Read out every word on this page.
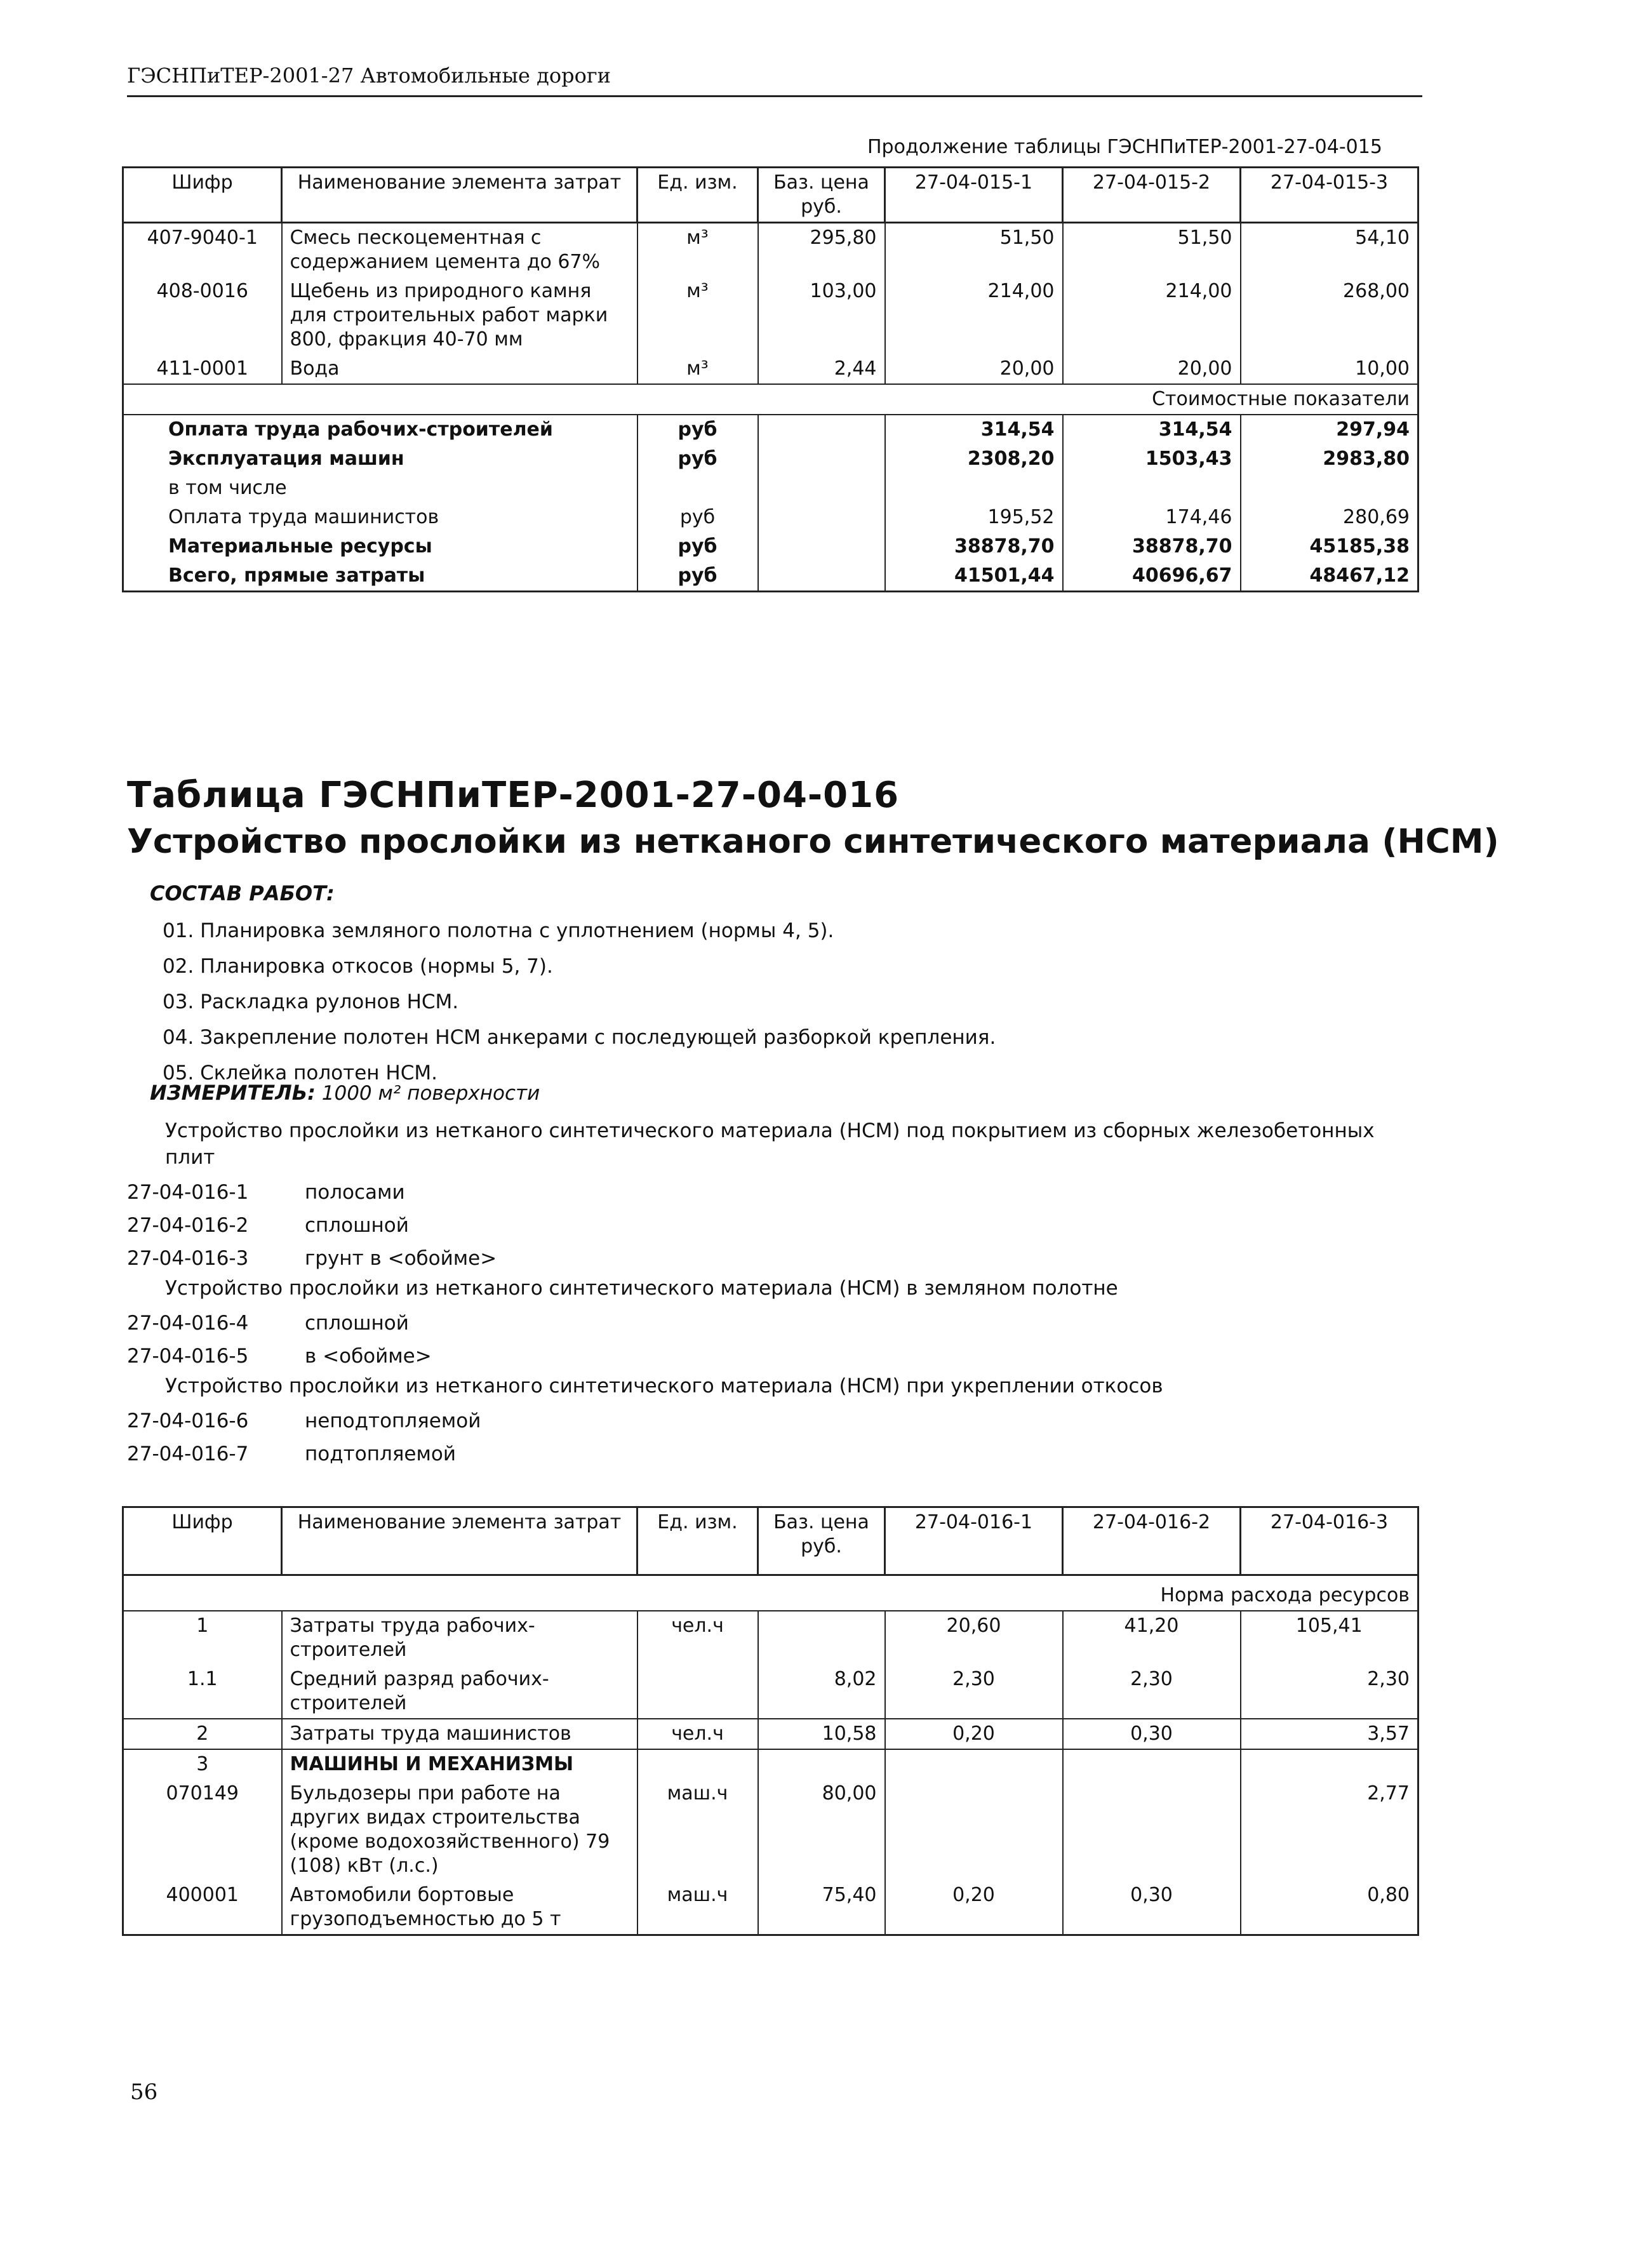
ГЭСНПиТЕР-2001-27 Автомобильные дороги
Продолжение таблицы ГЭСНПиТЕР-2001-27-04-015
Шифр	Наименование элемента затрат	Ед. изм.	Баз. цена руб.	27-04-015-1	27-04-015-2	27-04-015-3
407-9040-1	Смесь пескоцементная с содержанием цемента до 67%	м³	295,80	51,50	51,50	54,10
408-0016	Щебень из природного камня для строительных работ марки 800, фракция 40-70 мм	м³	103,00	214,00	214,00	268,00
411-0001	Вода	м³	2,44	20,00	20,00	10,00
Стоимостные показатели						
Оплата труда рабочих-строителей		руб		314,54	314,54	297,94
Эксплуатация машин		руб		2308,20	1503,43	2983,80
в том числе						
Оплата труда машинистов		руб		195,52	174,46	280,69
Материальные ресурсы		руб		38878,70	38878,70	45185,38
Всего, прямые затраты		руб		41501,44	40696,67	48467,12
Таблица ГЭСНПиТЕР-2001-27-04-016
Устройство прослойки из нетканого синтетического материала (НСМ)
СОСТАВ РАБОТ:
01. Планировка земляного полотна с уплотнением (нормы 4, 5).
02. Планировка откосов (нормы 5, 7).
03. Раскладка рулонов НСМ.
04. Закрепление полотен НСМ анкерами с последующей разборкой крепления.
05. Склейка полотен НСМ.
ИЗМЕРИТЕЛЬ: 1000 м² поверхности
Устройство прослойки из нетканого синтетического материала (НСМ) под покрытием из сборных железобетонных плит
27-04-016-1	полосами
27-04-016-2	сплошной
27-04-016-3	грунт в <обойме>
Устройство прослойки из нетканого синтетического материала (НСМ) в земляном полотне
27-04-016-4	сплошной
27-04-016-5	в <обойме>
Устройство прослойки из нетканого синтетического материала (НСМ) при укреплении откосов
27-04-016-6	неподтопляемой
27-04-016-7	подтопляемой
Шифр	Наименование элемента затрат	Ед. изм.	Баз. цена руб.	27-04-016-1	27-04-016-2	27-04-016-3
Норма расхода ресурсов						
1	Затраты труда рабочих-строителей	чел.ч		20,60	41,20	105,41
1.1	Средний разряд рабочих-строителей		8,02	2,30	2,30	2,30
2	Затраты труда машинистов	чел.ч	10,58	0,20	0,30	3,57
3	МАШИНЫ И МЕХАНИЗМЫ					
070149	Бульдозеры при работе на других видах строительства (кроме водохозяйственного) 79 (108) кВт (л.с.)	маш.ч	80,00			2,77
400001	Автомобили бортовые грузоподъемностью до 5 т	маш.ч	75,40	0,20	0,30	0,80
56
